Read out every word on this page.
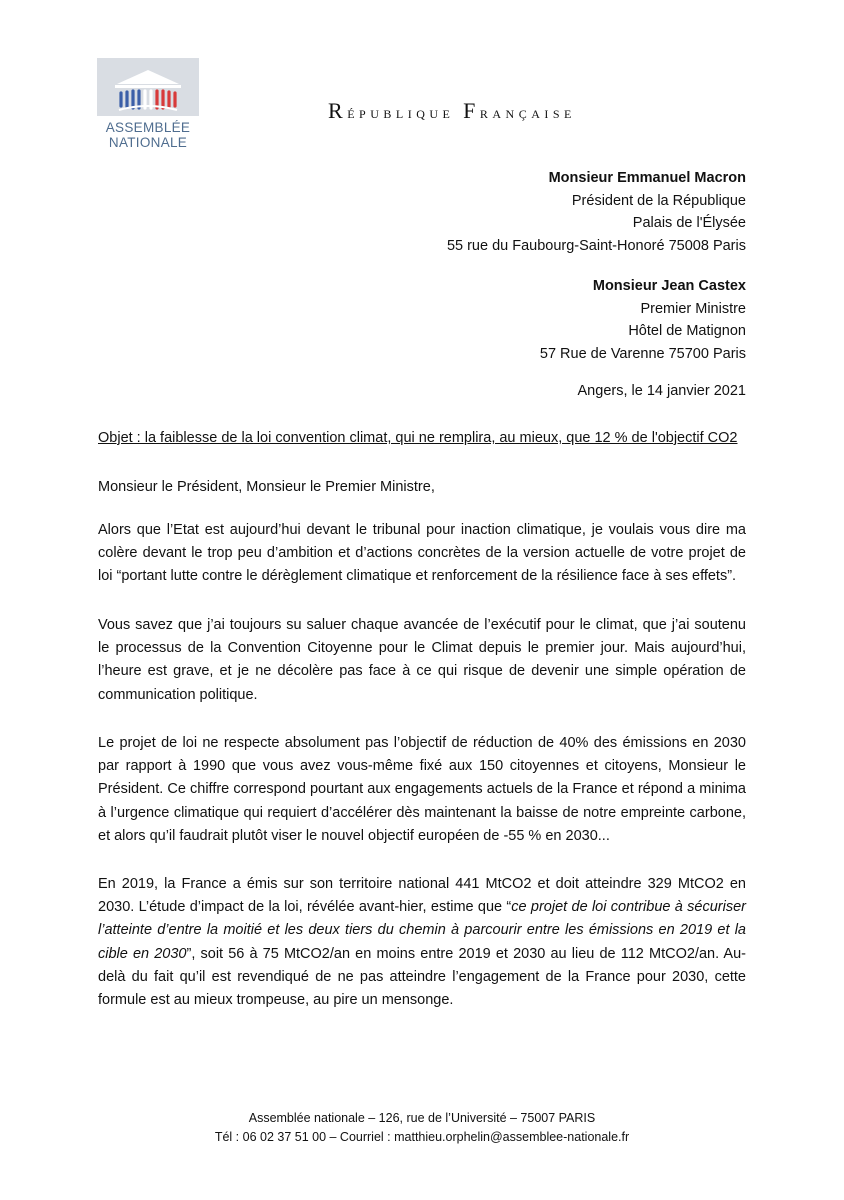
ASSEMBLÉE
NATIONALE
République Française
Monsieur Emmanuel Macron
Président de la République
Palais de l'Élysée
55 rue du Faubourg-Saint-Honoré 75008 Paris
Monsieur Jean Castex
Premier Ministre
Hôtel de Matignon
57 Rue de Varenne 75700 Paris
Angers, le 14 janvier 2021
Objet : la faiblesse de la loi convention climat, qui ne remplira, au mieux, que 12 % de l'objectif CO2
Monsieur le Président, Monsieur le Premier Ministre,

Alors que l’Etat est aujourd’hui devant le tribunal pour inaction climatique, je voulais vous dire ma colère devant le trop peu d’ambition et d’actions concrètes de la version actuelle de votre projet de loi “portant lutte contre le dérèglement climatique et renforcement de la résilience face à ses effets”.

Vous savez que j’ai toujours su saluer chaque avancée de l’exécutif pour le climat, que j’ai soutenu le processus de la Convention Citoyenne pour le Climat depuis le premier jour. Mais aujourd’hui, l’heure est grave, et je ne décolère pas face à ce qui risque de devenir une simple opération de communication politique.

Le projet de loi ne respecte absolument pas l’objectif de réduction de 40% des émissions en 2030 par rapport à 1990 que vous avez vous-même fixé aux 150 citoyennes et citoyens, Monsieur le Président. Ce chiffre correspond pourtant aux engagements actuels de la France et répond a minima à l’urgence climatique qui requiert d’accélérer dès maintenant la baisse de notre empreinte carbone, et alors qu’il faudrait plutôt viser le nouvel objectif européen de -55 % en 2030...

En 2019, la France a émis sur son territoire national 441 MtCO2 et doit atteindre 329 MtCO2 en 2030. L’étude d’impact de la loi, révélée avant-hier, estime que “ce projet de loi contribue à sécuriser l’atteinte d’entre la moitié et les deux tiers du chemin à parcourir entre les émissions en 2019 et la cible en 2030”, soit 56 à 75 MtCO2/an en moins entre 2019 et 2030 au lieu de 112 MtCO2/an. Au-delà du fait qu’il est revendiqué de ne pas atteindre l’engagement de la France pour 2030, cette formule est au mieux trompeuse, au pire un mensonge.

Assemblée nationale – 126, rue de l’Université – 75007 PARIS
Tél : 06 02 37 51 00 – Courriel : matthieu.orphelin@assemblee-nationale.fr
